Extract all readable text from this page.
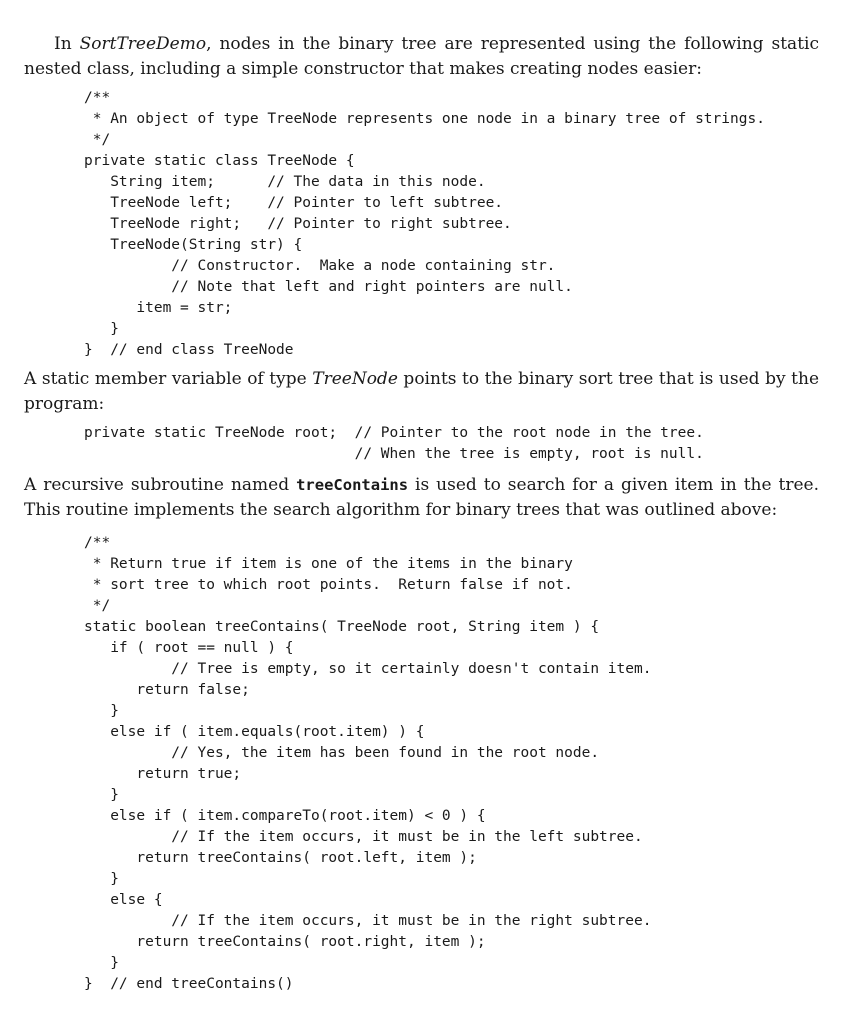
In SortTreeDemo, nodes in the binary tree are represented using the following static nested class, including a simple constructor that makes creating nodes easier:

/**
* An object of type TreeNode represents one node in a binary tree of strings.
*/
private static class TreeNode {
String item;      // The data in this node.
TreeNode left;    // Pointer to left subtree.
TreeNode right;   // Pointer to right subtree.
TreeNode(String str) {
// Constructor.  Make a node containing str.
// Note that left and right pointers are null.
item = str;
}
}  // end class TreeNode

A static member variable of type TreeNode points to the binary sort tree that is used by the program:

private static TreeNode root;  // Pointer to the root node in the tree.
// When the tree is empty, root is null.

A recursive subroutine named treeContains is used to search for a given item in the tree. This routine implements the search algorithm for binary trees that was outlined above:

/**
* Return true if item is one of the items in the binary
* sort tree to which root points.  Return false if not.
*/
static boolean treeContains( TreeNode root, String item ) {
if ( root == null ) {
// Tree is empty, so it certainly doesn't contain item.
return false;
}
else if ( item.equals(root.item) ) {
// Yes, the item has been found in the root node.
return true;
}
else if ( item.compareTo(root.item) < 0 ) {
// If the item occurs, it must be in the left subtree.
return treeContains( root.left, item );
}
else {
// If the item occurs, it must be in the right subtree.
return treeContains( root.right, item );
}
}  // end treeContains()
